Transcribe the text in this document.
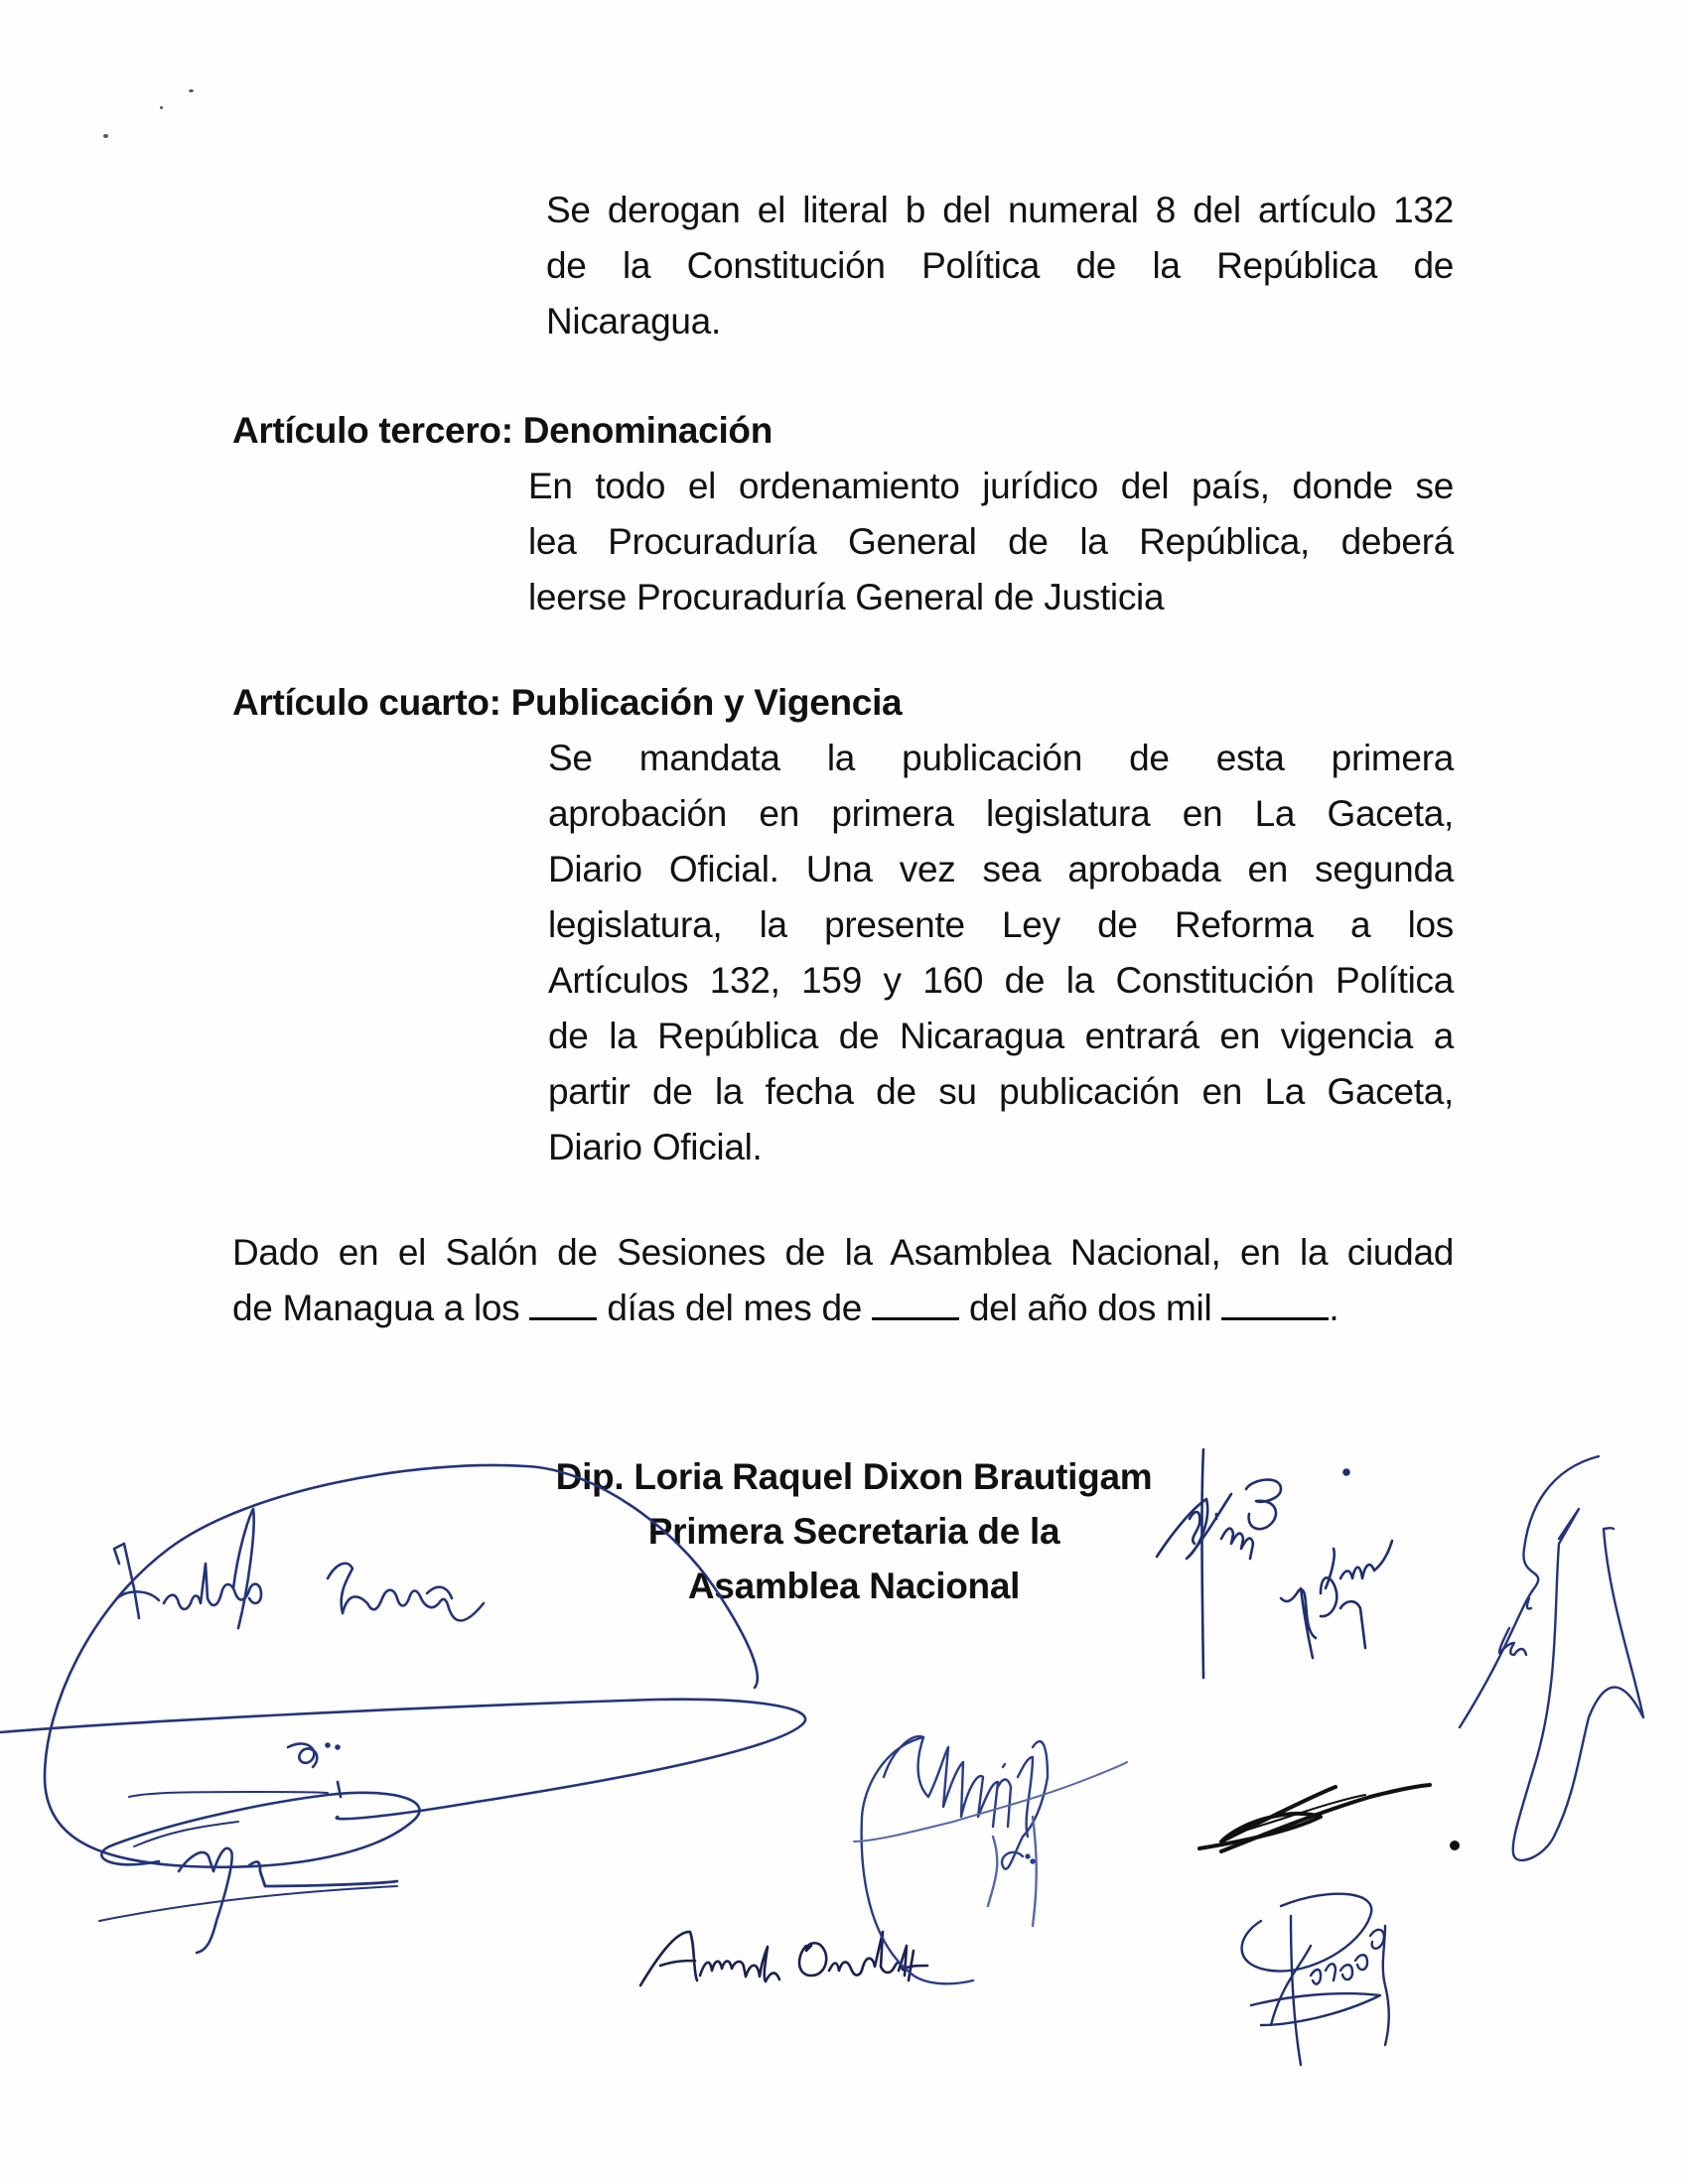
Se derogan el literal b del numeral 8 del artículo 132
de la Constitución Política de la República de
Nicaragua.
Artículo tercero: Denominación
En todo el ordenamiento jurídico del país, donde se
lea Procuraduría General de la República, deberá
leerse Procuraduría General de Justicia
Artículo cuarto: Publicación y Vigencia
Se mandata la publicación de esta primera
aprobación en primera legislatura en La Gaceta,
Diario Oficial. Una vez sea aprobada en segunda
legislatura, la presente Ley de Reforma a los
Artículos 132, 159 y 160 de la Constitución Política
de la República de Nicaragua entrará en vigencia a
partir de la fecha de su publicación en La Gaceta,
Diario Oficial.
Dado en el Salón de Sesiones de la Asamblea Nacional, en la ciudad
de Managua a los días del mes de	del año dos mil	.
Dip. Loria Raquel Dixon Brautigam
Primera Secretaria de la
Asamblea Nacional
